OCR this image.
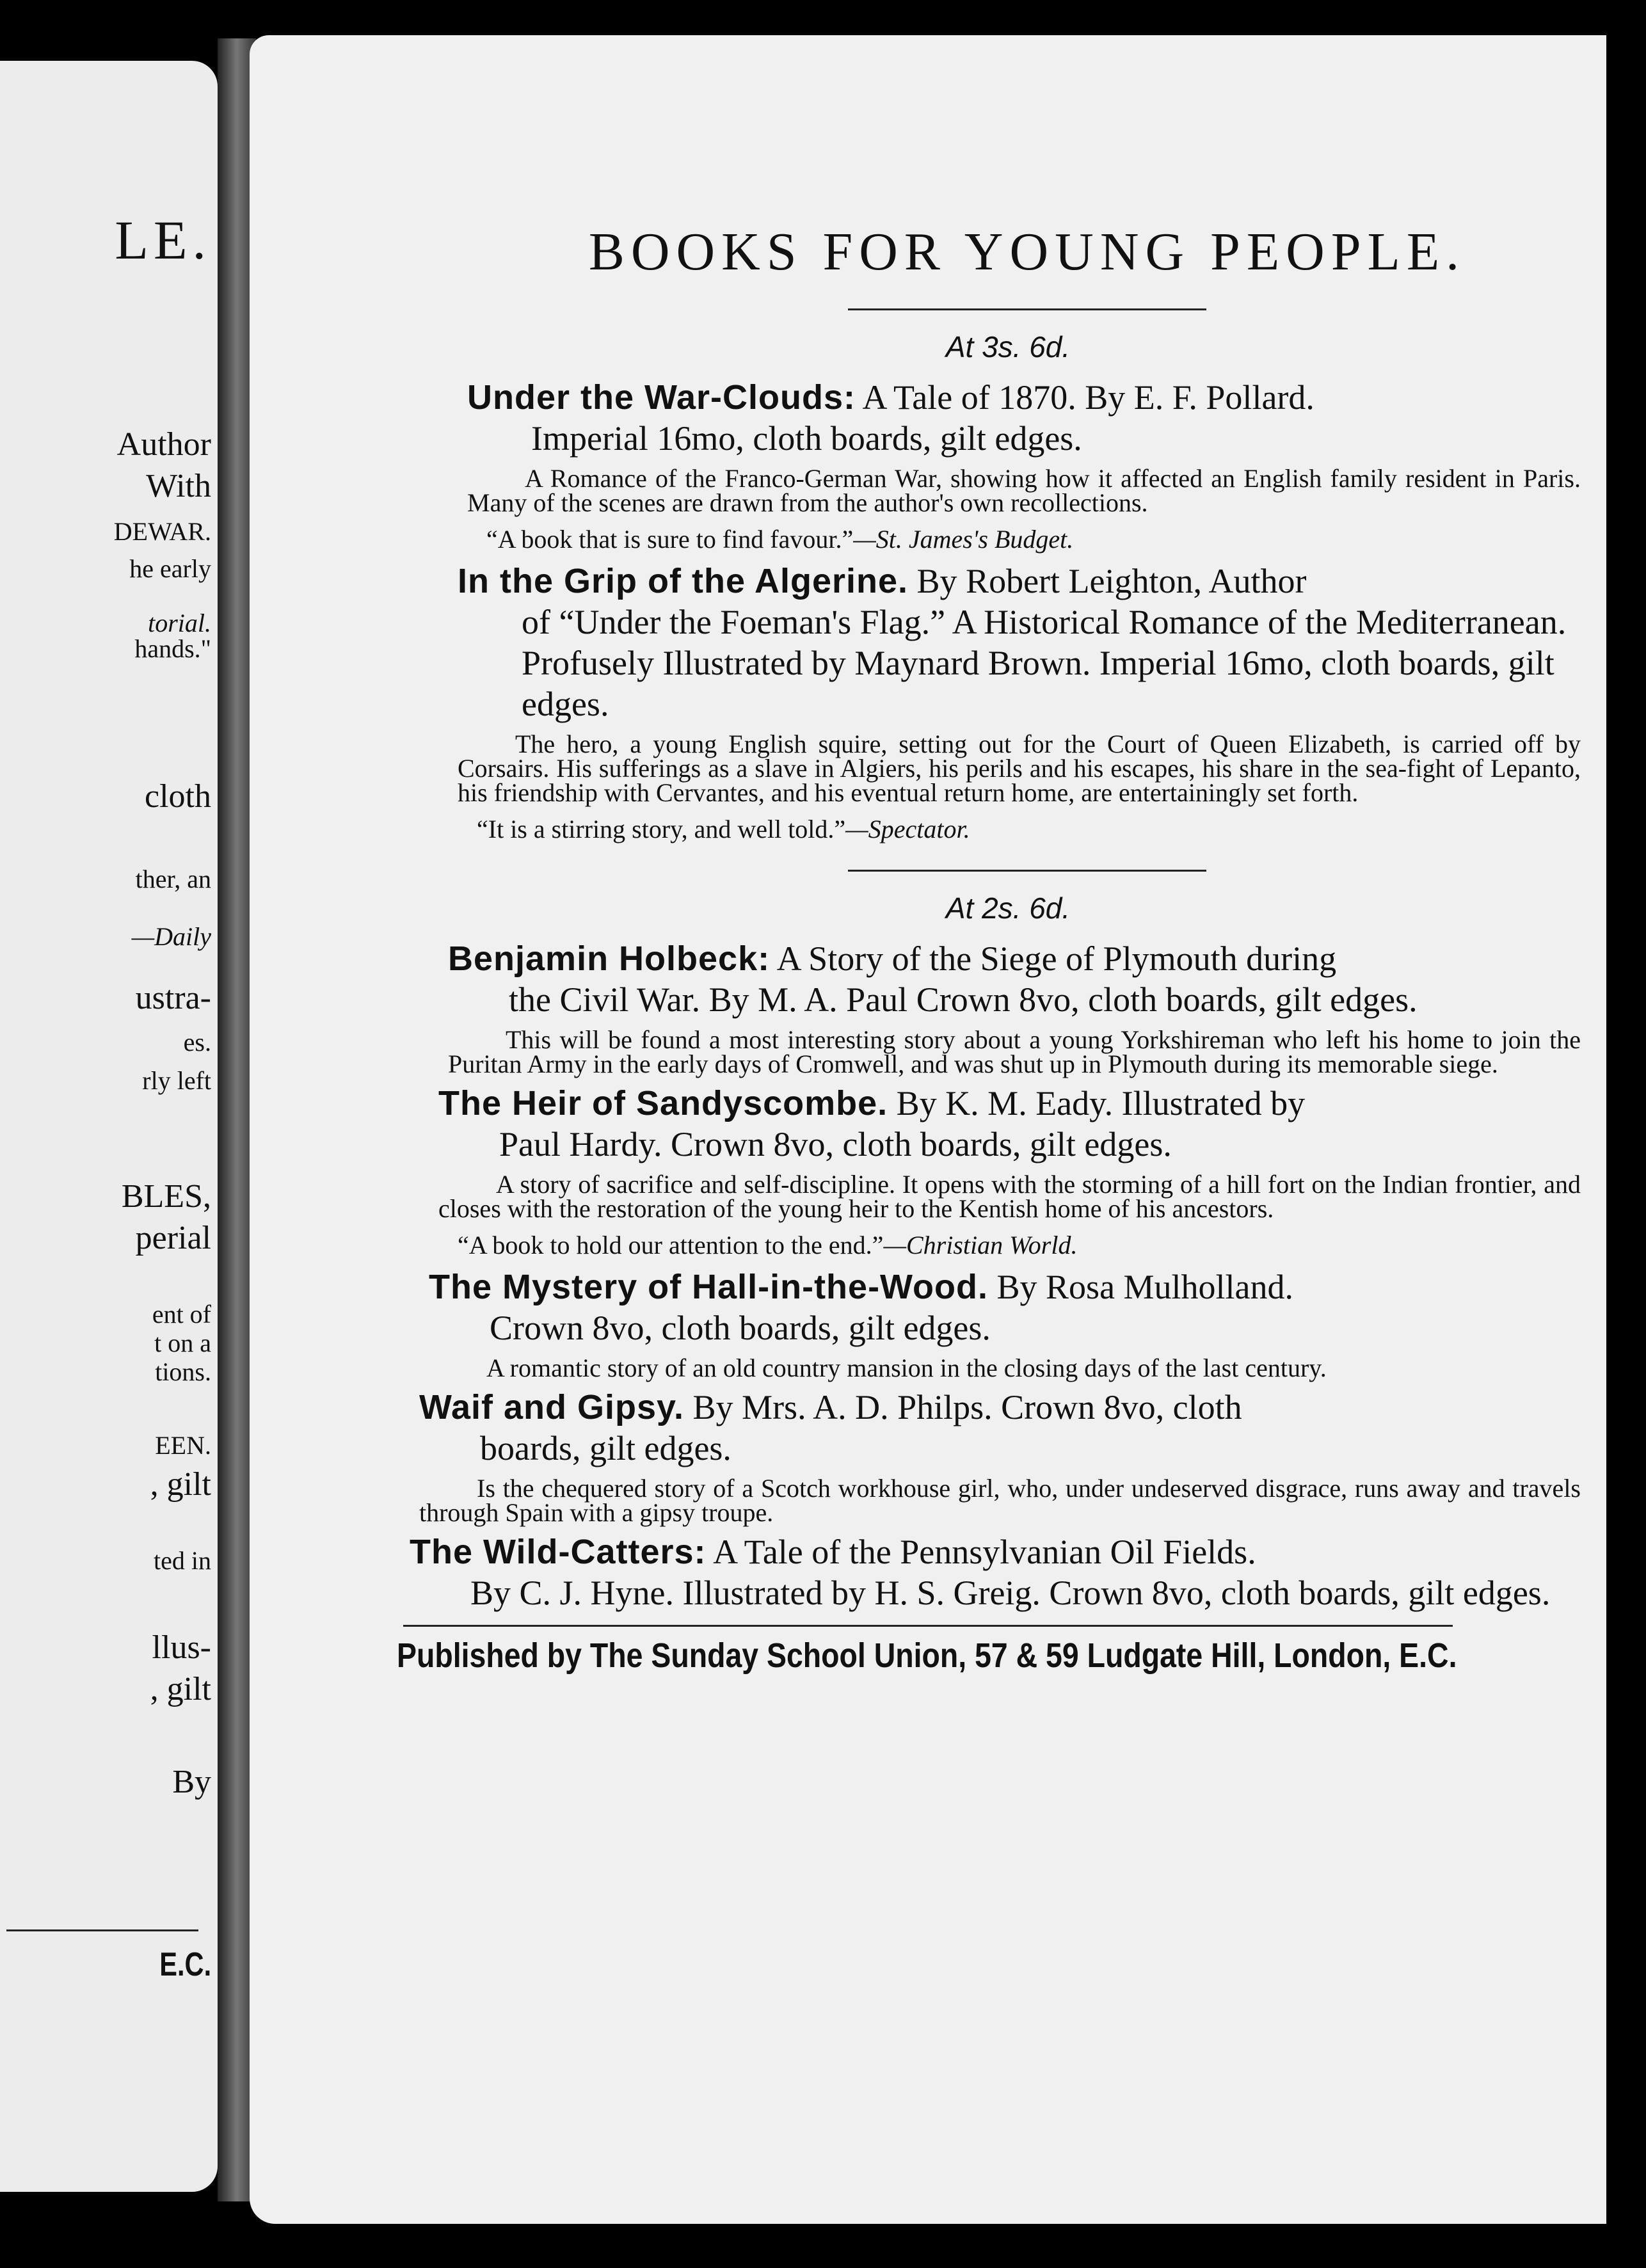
LE.
Author
With
DEWAR.
he early
torial.
hands."
cloth
ther, an
—Daily
ustra-
es.
rly left
BLES,
perial
ent of
t on a
tions.
EEN.
, gilt
ted in
llus-
, gilt
By
E.C.
BOOKS FOR YOUNG PEOPLE.
At 3s. 6d.
Under the War-Clouds: A Tale of 1870. By E. F. Pollard.
Imperial 16mo, cloth boards, gilt edges.

A Romance of the Franco-German War, showing how it affected an English family resident in Paris. Many of the scenes are drawn from the author's own recollections.

“A book that is sure to find favour.”—St. James's Budget.
In the Grip of the Algerine. By Robert Leighton, Author
of “Under the Foeman's Flag.” A Historical Romance of the Mediterranean. Profusely Illustrated by Maynard Brown. Imperial 16mo, cloth boards, gilt edges.

The hero, a young English squire, setting out for the Court of Queen Elizabeth, is carried off by Corsairs. His sufferings as a slave in Algiers, his perils and his escapes, his share in the sea-fight of Lepanto, his friendship with Cervantes, and his eventual return home, are entertainingly set forth.

“It is a stirring story, and well told.”—Spectator.
At 2s. 6d.
Benjamin Holbeck: A Story of the Siege of Plymouth during
the Civil War. By M. A. Paul Crown 8vo, cloth boards, gilt edges.

This will be found a most interesting story about a young Yorkshireman who left his home to join the Puritan Army in the early days of Cromwell, and was shut up in Plymouth during its memorable siege.

The Heir of Sandyscombe. By K. M. Eady. Illustrated by
Paul Hardy. Crown 8vo, cloth boards, gilt edges.

A story of sacrifice and self-discipline. It opens with the storming of a hill fort on the Indian frontier, and closes with the restoration of the young heir to the Kentish home of his ancestors.

“A book to hold our attention to the end.”—Christian World.
The Mystery of Hall-in-the-Wood. By Rosa Mulholland.
Crown 8vo, cloth boards, gilt edges.

A romantic story of an old country mansion in the closing days of the last century.

Waif and Gipsy. By Mrs. A. D. Philps. Crown 8vo, cloth
boards, gilt edges.

Is the chequered story of a Scotch workhouse girl, who, under undeserved disgrace, runs away and travels through Spain with a gipsy troupe.

The Wild-Catters: A Tale of the Pennsylvanian Oil Fields.
By C. J. Hyne. Illustrated by H. S. Greig. Crown 8vo, cloth boards, gilt edges.
Published by The Sunday School Union, 57 & 59 Ludgate Hill, London, E.C.
